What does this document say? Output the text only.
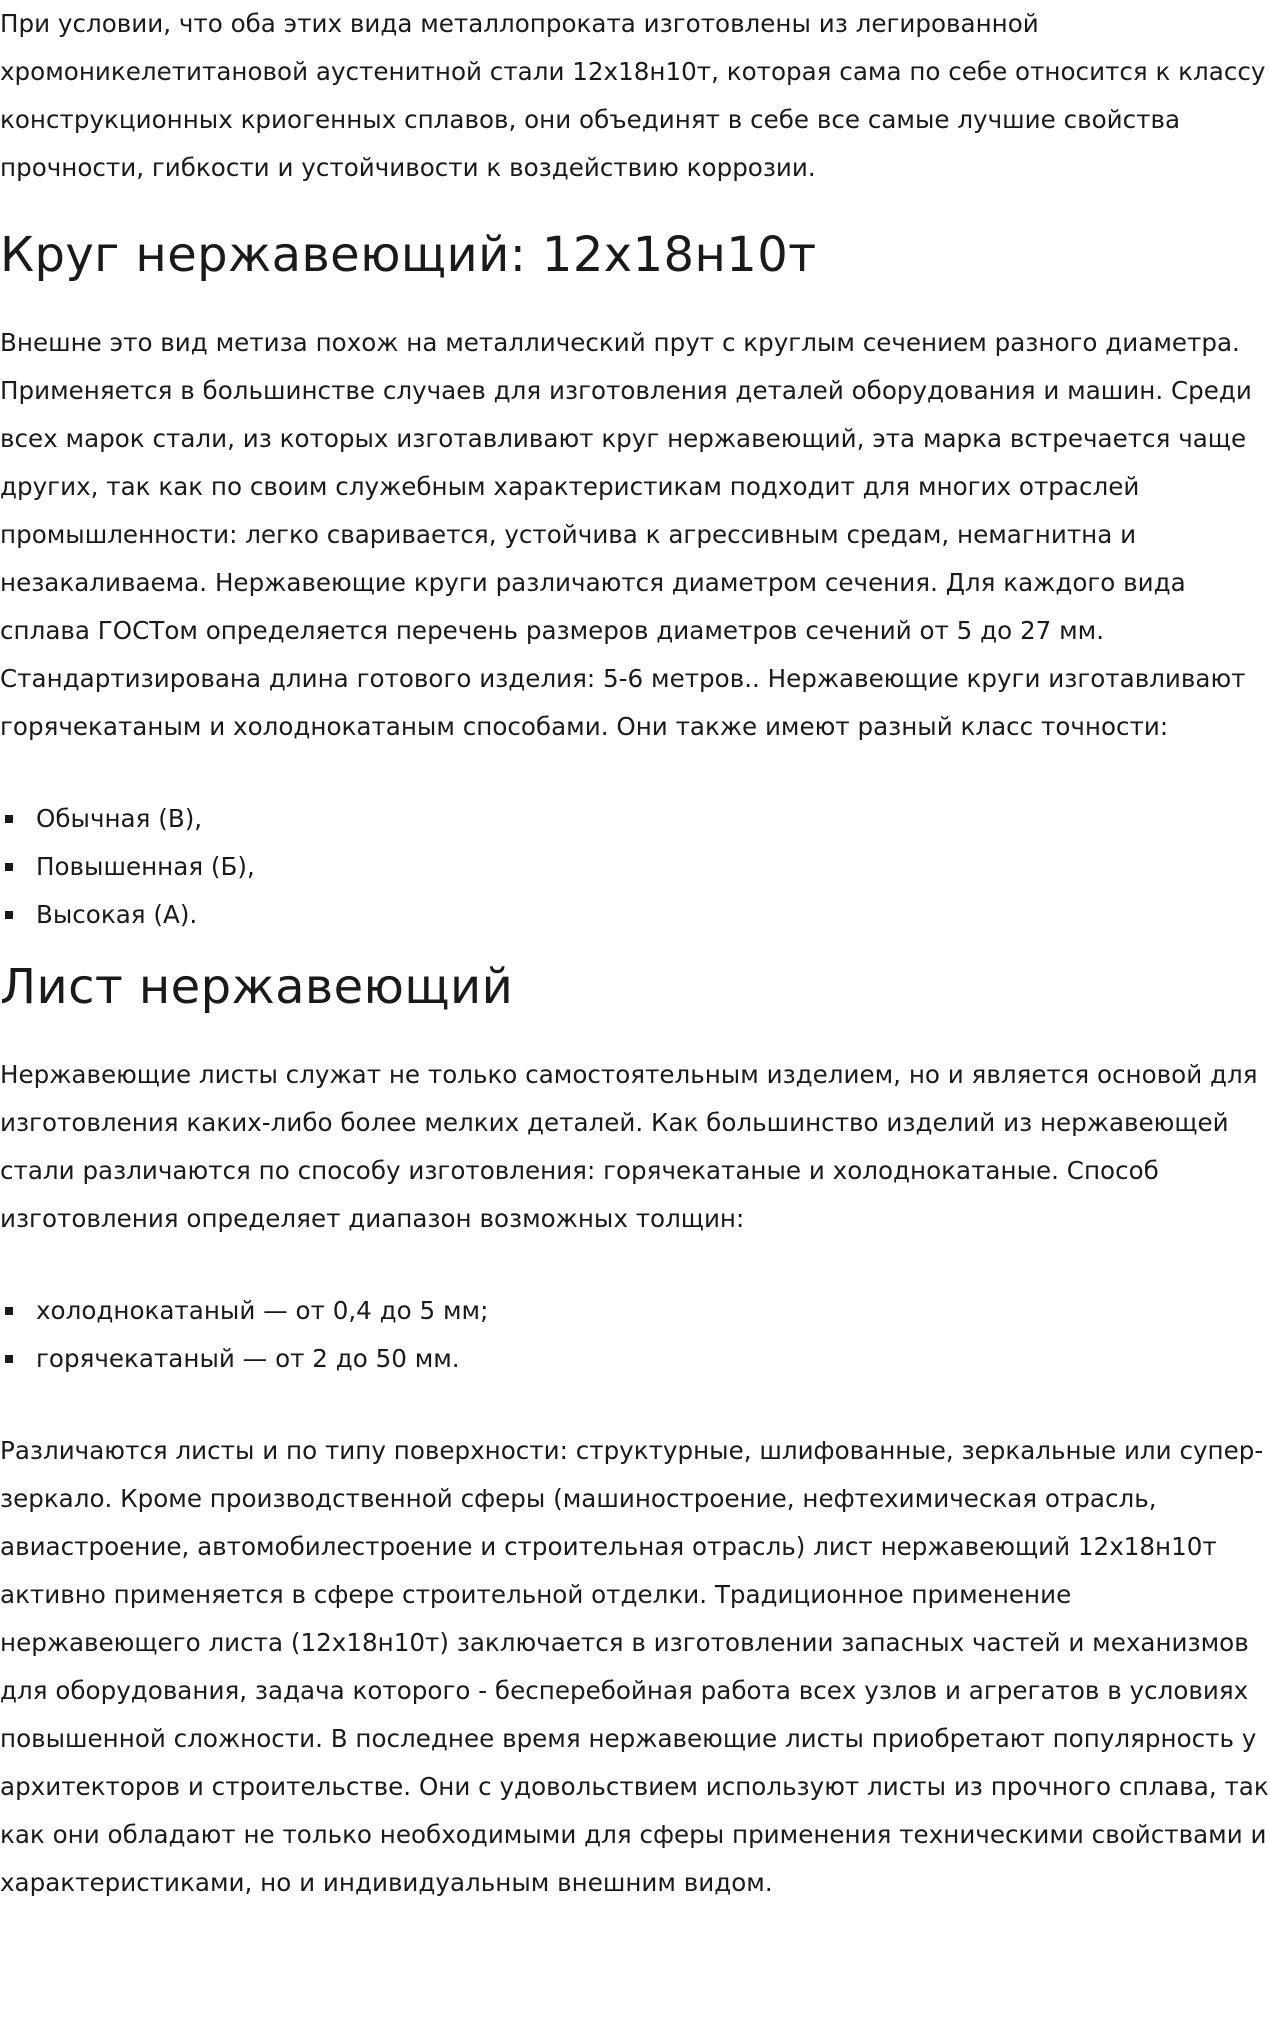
При условии, что оба этих вида металлопроката изготовлены из легированной хромоникелетитановой аустенитной стали 12х18н10т, которая сама по себе относится к классу конструкционных криогенных сплавов, они объединят в себе все самые лучшие свойства прочности, гибкости и устойчивости к воздействию коррозии.

Круг нержавеющий: 12х18н10т

Внешне это вид метиза похож на металлический прут с круглым сечением разного диаметра. Применяется в большинстве случаев для изготовления деталей оборудования и машин. Среди всех марок стали, из которых изготавливают круг нержавеющий, эта марка встречается чаще других, так как по своим служебным характеристикам подходит для многих отраслей промышленности: легко сваривается, устойчива к агрессивным средам, немагнитна и незакаливаема. Нержавеющие круги различаются диаметром сечения. Для каждого вида сплава ГОСТом определяется перечень размеров диаметров сечений от 5 до 27 мм. Стандартизирована длина готового изделия: 5-6 метров.. Нержавеющие круги изготавливают горячекатаным и холоднокатаным способами. Они также имеют разный класс точности:

Обычная (В),
Повышенная (Б),
Высокая (А).
Лист нержавеющий

Нержавеющие листы служат не только самостоятельным изделием, но и является основой для изготовления каких-либо более мелких деталей. Как большинство изделий из нержавеющей стали различаются по способу изготовления: горячекатаные и холоднокатаные. Способ изготовления определяет диапазон возможных толщин:

холоднокатаный — от 0,4 до 5 мм;
горячекатаный — от 2 до 50 мм.

Различаются листы и по типу поверхности: структурные, шлифованные, зеркальные или супер-зеркало. Кроме производственной сферы (машиностроение, нефтехимическая отрасль, авиастроение, автомобилестроение и строительная отрасль) лист нержавеющий 12х18н10т активно применяется в сфере строительной отделки. Традиционное применение нержавеющего листа (12х18н10т) заключается в изготовлении запасных частей и механизмов для оборудования, задача которого - бесперебойная работа всех узлов и агрегатов в условиях повышенной сложности. В последнее время нержавеющие листы приобретают популярность у архитекторов и строительстве. Они с удовольствием используют листы из прочного сплава, так как они обладают не только необходимыми для сферы применения техническими свойствами и характеристиками, но и индивидуальным внешним видом.
